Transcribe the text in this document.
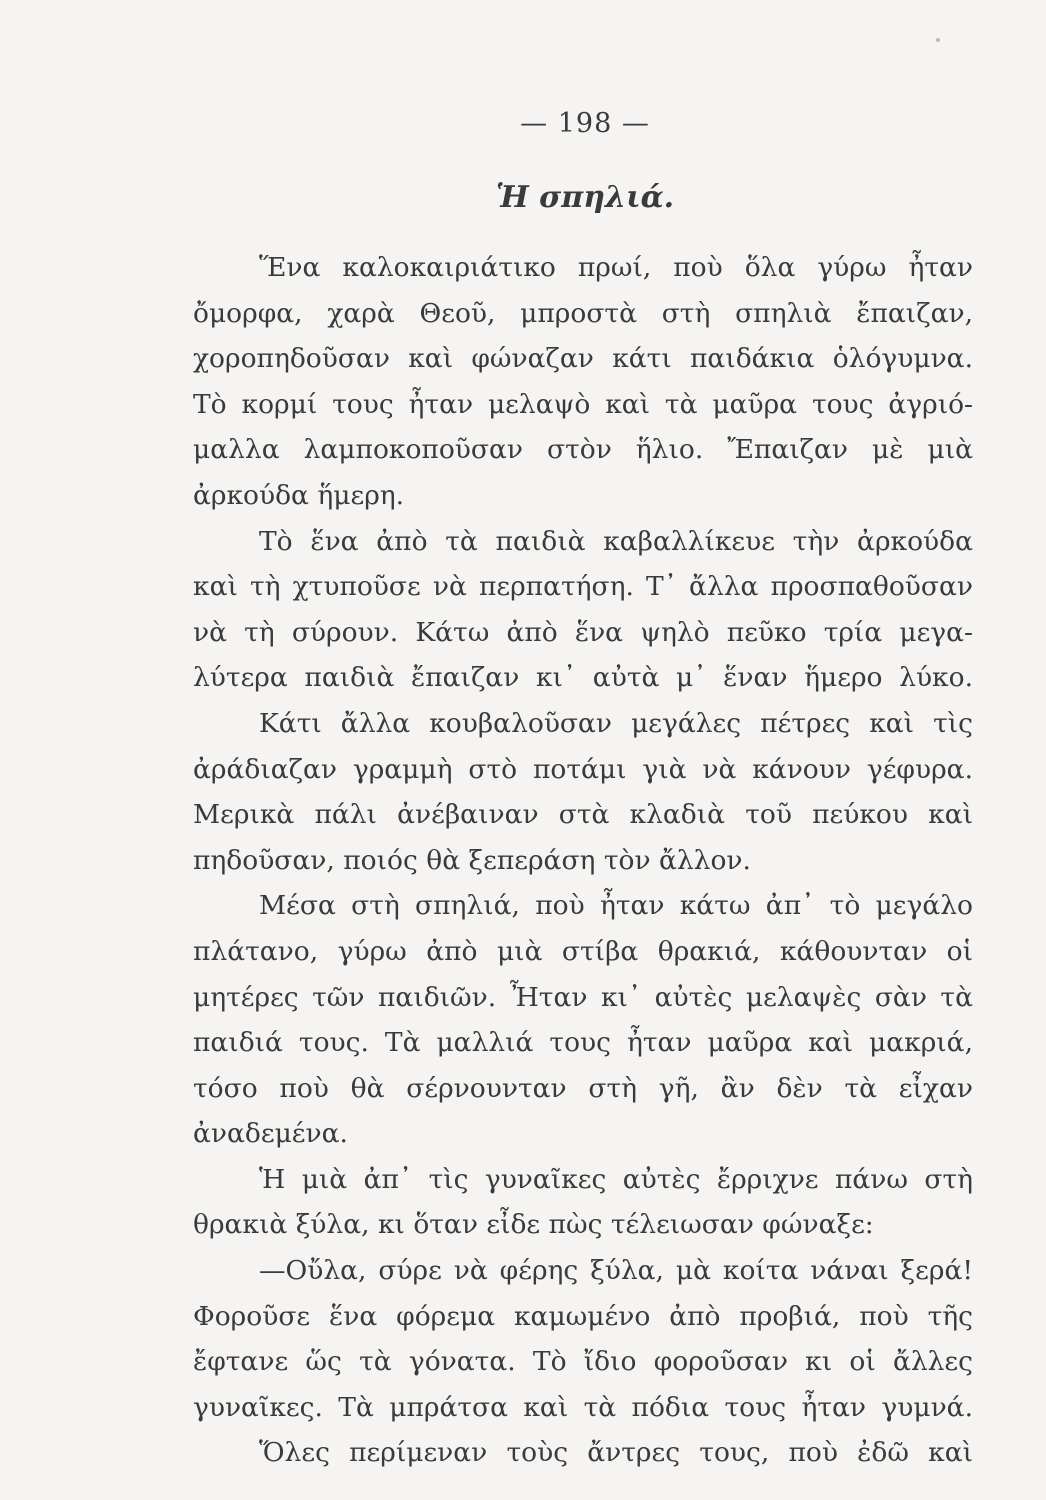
— 198 —
Ἡ σπηλιά.
Ἕνα καλοκαιριάτικο πρωί, ποὺ ὅλα γύρω ἦταν
ὄμορφα, χαρὰ Θεοῦ, μπροστὰ στὴ σπηλιὰ ἔπαιζαν,
χοροπηδοῦσαν καὶ φώναζαν κάτι παιδάκια ὁλόγυμνα.
Τὸ κορμί τους ἦταν μελαψὸ καὶ τὰ μαῦρα τους ἀγριό-
μαλλα λαμποκοποῦσαν στὸν ἥλιο. Ἔπαιζαν μὲ μιὰ
ἀρκούδα ἥμερη.
Τὸ ἕνα ἀπὸ τὰ παιδιὰ καβαλλίκευε τὴν ἀρκούδα
καὶ τὴ χτυποῦσε νὰ περπατήση. Τ᾽ ἄλλα προσπαθοῦσαν
νὰ τὴ σύρουν. Κάτω ἀπὸ ἕνα ψηλὸ πεῦκο τρία μεγα-
λύτερα παιδιὰ ἔπαιζαν κι᾽ αὐτὰ μ᾽ ἕναν ἥμερο λύκο.
Κάτι ἄλλα κουβαλοῦσαν μεγάλες πέτρες καὶ τὶς
ἀράδιαζαν γραμμὴ στὸ ποτάμι γιὰ νὰ κάνουν γέφυρα.
Μερικὰ πάλι ἀνέβαιναν στὰ κλαδιὰ τοῦ πεύκου καὶ
πηδοῦσαν, ποιός θὰ ξεπεράση τὸν ἄλλον.
Μέσα στὴ σπηλιά, ποὺ ἦταν κάτω ἀπ᾽ τὸ μεγάλο
πλάτανο, γύρω ἀπὸ μιὰ στίβα θρακιά, κάθουνταν οἱ
μητέρες τῶν παιδιῶν. Ἦταν κι᾽ αὐτὲς μελαψὲς σὰν τὰ
παιδιά τους. Τὰ μαλλιά τους ἦταν μαῦρα καὶ μακριά,
τόσο ποὺ θὰ σέρνουνταν στὴ γῆ, ἂν δὲν τὰ εἶχαν
ἀναδεμένα.
Ἡ μιὰ ἀπ᾽ τὶς γυναῖκες αὐτὲς ἔρριχνε πάνω στὴ
θρακιὰ ξύλα, κι ὅταν εἶδε πὼς τέλειωσαν φώναξε:
—Οὔλα, σύρε νὰ φέρης ξύλα, μὰ κοίτα νάναι ξερά!
Φοροῦσε ἕνα φόρεμα καμωμένο ἀπὸ προβιά, ποὺ τῆς
ἔφτανε ὥς τὰ γόνατα. Τὸ ἴδιο φοροῦσαν κι οἱ ἄλλες
γυναῖκες. Τὰ μπράτσα καὶ τὰ πόδια τους ἦταν γυμνά.
Ὅλες περίμεναν τοὺς ἄντρες τους, ποὺ ἐδῶ καὶ
